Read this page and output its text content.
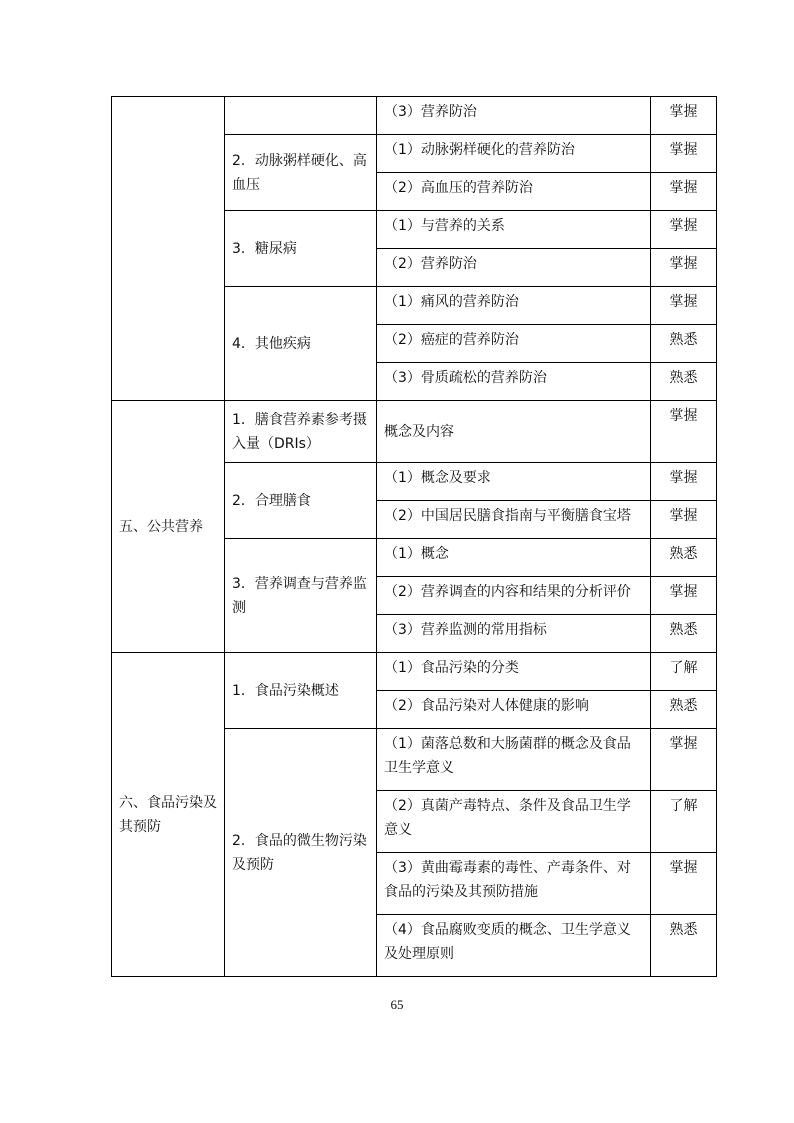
		（3）营养防治	掌握
	2．动脉粥样硬化、高血压	（1）动脉粥样硬化的营养防治	掌握
		（2）高血压的营养防治	掌握
	3．糖尿病	（1）与营养的关系	掌握
		（2）营养防治	掌握
	4．其他疾病	（1）痛风的营养防治	掌握
		（2）癌症的营养防治	熟悉
		（3）骨质疏松的营养防治	熟悉
五、公共营养	1．膳食营养素参考摄入量（DRIs）	概念及内容	掌握
	2．合理膳食	（1）概念及要求	掌握
		（2）中国居民膳食指南与平衡膳食宝塔	掌握
	3．营养调查与营养监测	（1）概念	熟悉
		（2）营养调查的内容和结果的分析评价	掌握
		（3）营养监测的常用指标	熟悉
六、食品污染及其预防	1．食品污染概述	（1）食品污染的分类	了解
		（2）食品污染对人体健康的影响	熟悉
	2．食品的微生物污染及预防	（1）菌落总数和大肠菌群的概念及食品卫生学意义	掌握
		（2）真菌产毒特点、条件及食品卫生学意义	了解
		（3）黄曲霉毒素的毒性、产毒条件、对食品的污染及其预防措施	掌握
		（4）食品腐败变质的概念、卫生学意义及处理原则	熟悉
65
